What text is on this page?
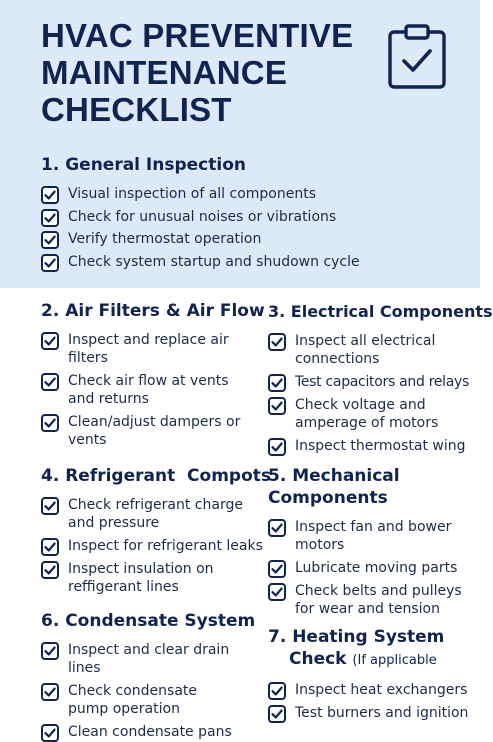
HVAC PREVENTIVE
MAINTENANCE
CHECKLIST
1. General Inspection
Visual inspection of all components
Check for unusual noises or vibrations
Verify thermostat operation
Check system startup and shudown cycle
2. Air Filters & Air Flow
Inspect and replace air filters
Check air flow at vents and returns
Clean/adjust dampers or vents
3. Electrical Components
Inspect all electrical connections
Test capacitors and relays
Check voltage and amperage of motors
Inspect thermostat wing
4. Refrigerant  Compots
Check refrigerant charge and pressure
Inspect for refrigerant leaks
Inspect insulation on reffigerant lines
5. Mechanical Components
Inspect fan and bower motors
Lubricate moving parts
Check belts and pulleys for wear and tension
6. Condensate System
Inspect and clear drain lines
Check condensate pump operation
Clean condensate pans
7. Heating System
Check (If applicable
Inspect heat exchangers
Test burners and ignition
